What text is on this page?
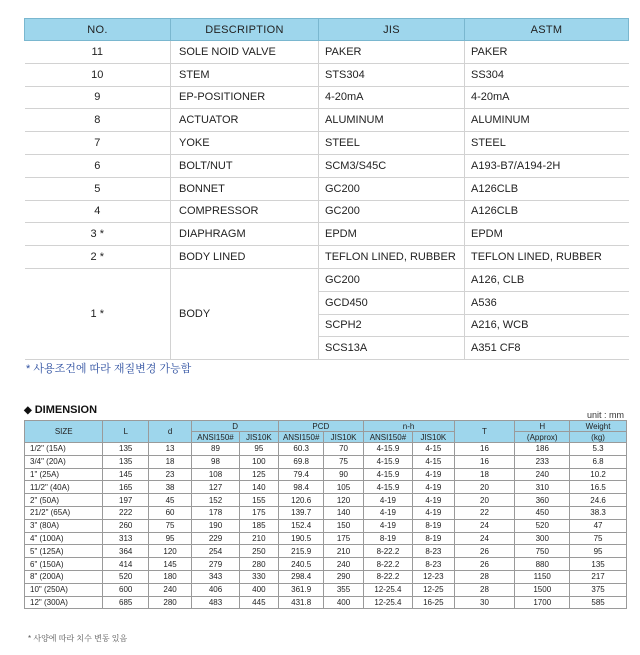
NO.	DESCRIPTION	JIS	ASTM
11	SOLE NOID VALVE	PAKER	PAKER
10	STEM	STS304	SS304
9	EP-POSITIONER	4-20mA	4-20mA
8	ACTUATOR	ALUMINUM	ALUMINUM
7	YOKE	STEEL	STEEL
6	BOLT/NUT	SCM3/S45C	A193-B7/A194-2H
5	BONNET	GC200	A126CLB
4	COMPRESSOR	GC200	A126CLB
3 *	DIAPHRAGM	EPDM	EPDM
2 *	BODY LINED	TEFLON LINED, RUBBER	TEFLON LINED, RUBBER
1 *	BODY	GC200	A126, CLB
		GCD450	A536
		SCPH2	A216, WCB
		SCS13A	A351 CF8
* 사용조건에 따라 재질변경 가능함
◆ DIMENSION	unit : mm
SIZE	L	d	D		PCD		n-h		T	H	Weight
			ANSI150#	JIS10K	ANSI150#	JIS10K	ANSI150#	JIS10K		(Approx)	(kg)
1/2" (15A)	135	13	89	95	60.3	70	4-15.9	4-15	16	186	5.3
3/4" (20A)	135	18	98	100	69.8	75	4-15.9	4-15	16	233	6.8
1" (25A)	145	23	108	125	79.4	90	4-15.9	4-19	18	240	10.2
11/2" (40A)	165	38	127	140	98.4	105	4-15.9	4-19	20	310	16.5
2" (50A)	197	45	152	155	120.6	120	4-19	4-19	20	360	24.6
21/2" (65A)	222	60	178	175	139.7	140	4-19	4-19	22	450	38.3
3" (80A)	260	75	190	185	152.4	150	4-19	8-19	24	520	47
4" (100A)	313	95	229	210	190.5	175	8-19	8-19	24	300	75
5" (125A)	364	120	254	250	215.9	210	8-22.2	8-23	26	750	95
6" (150A)	414	145	279	280	240.5	240	8-22.2	8-23	26	880	135
8" (200A)	520	180	343	330	298.4	290	8-22.2	12-23	28	1150	217
10" (250A)	600	240	406	400	361.9	355	12-25.4	12-25	28	1500	375
12" (300A)	685	280	483	445	431.8	400	12-25.4	16-25	30	1700	585
* 사양에 따라 치수 변동 있음
